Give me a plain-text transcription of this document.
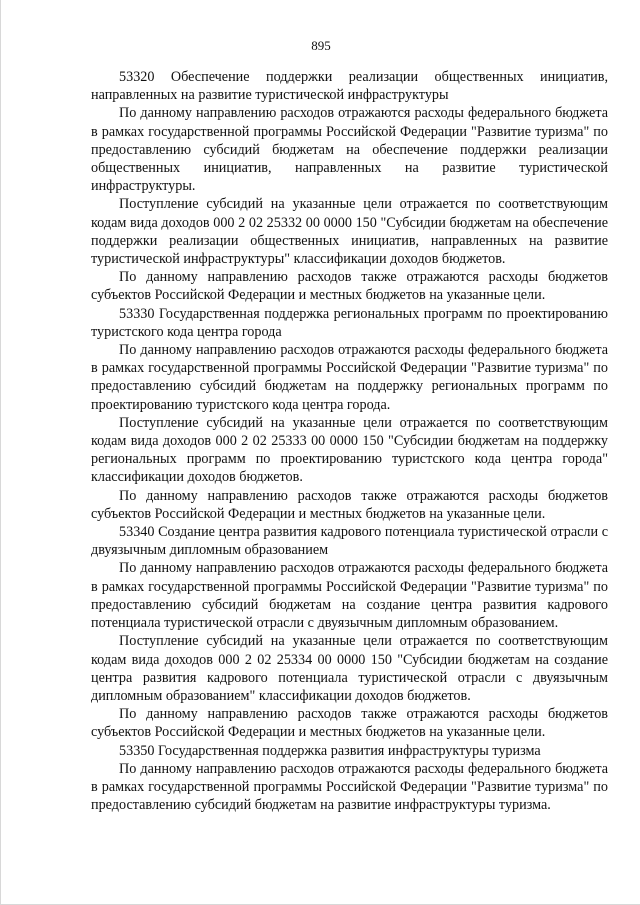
895

53320 Обеспечение поддержки реализации общественных инициатив, направленных на развитие туристической инфраструктуры

По данному направлению расходов отражаются расходы федерального бюджета в рамках государственной программы Российской Федерации "Развитие туризма" по предоставлению субсидий бюджетам на обеспечение поддержки реализации общественных инициатив, направленных на развитие туристической инфраструктуры.

Поступление субсидий на указанные цели отражается по соответствующим кодам вида доходов 000 2 02 25332 00 0000 150 "Субсидии бюджетам на обеспечение поддержки реализации общественных инициатив, направленных на развитие туристической инфраструктуры" классификации доходов бюджетов.

По данному направлению расходов также отражаются расходы бюджетов субъектов Российской Федерации и местных бюджетов на указанные цели.

53330 Государственная поддержка региональных программ по проектированию туристского кода центра города

По данному направлению расходов отражаются расходы федерального бюджета в рамках государственной программы Российской Федерации "Развитие туризма" по предоставлению субсидий бюджетам на поддержку региональных программ по проектированию туристского кода центра города.

Поступление субсидий на указанные цели отражается по соответствующим кодам вида доходов 000 2 02 25333 00 0000 150 "Субсидии бюджетам на поддержку региональных программ по проектированию туристского кода центра города" классификации доходов бюджетов.

По данному направлению расходов также отражаются расходы бюджетов субъектов Российской Федерации и местных бюджетов на указанные цели.

53340 Создание центра развития кадрового потенциала туристической отрасли с двуязычным дипломным образованием

По данному направлению расходов отражаются расходы федерального бюджета в рамках государственной программы Российской Федерации "Развитие туризма" по предоставлению субсидий бюджетам на создание центра развития кадрового потенциала туристической отрасли с двуязычным дипломным образованием.

Поступление субсидий на указанные цели отражается по соответствующим кодам вида доходов 000 2 02 25334 00 0000 150 "Субсидии бюджетам на создание центра развития кадрового потенциала туристической отрасли с двуязычным дипломным образованием" классификации доходов бюджетов.

По данному направлению расходов также отражаются расходы бюджетов субъектов Российской Федерации и местных бюджетов на указанные цели.

53350 Государственная поддержка развития инфраструктуры туризма

По данному направлению расходов отражаются расходы федерального бюджета в рамках государственной программы Российской Федерации "Развитие туризма" по предоставлению субсидий бюджетам на развитие инфраструктуры туризма.
